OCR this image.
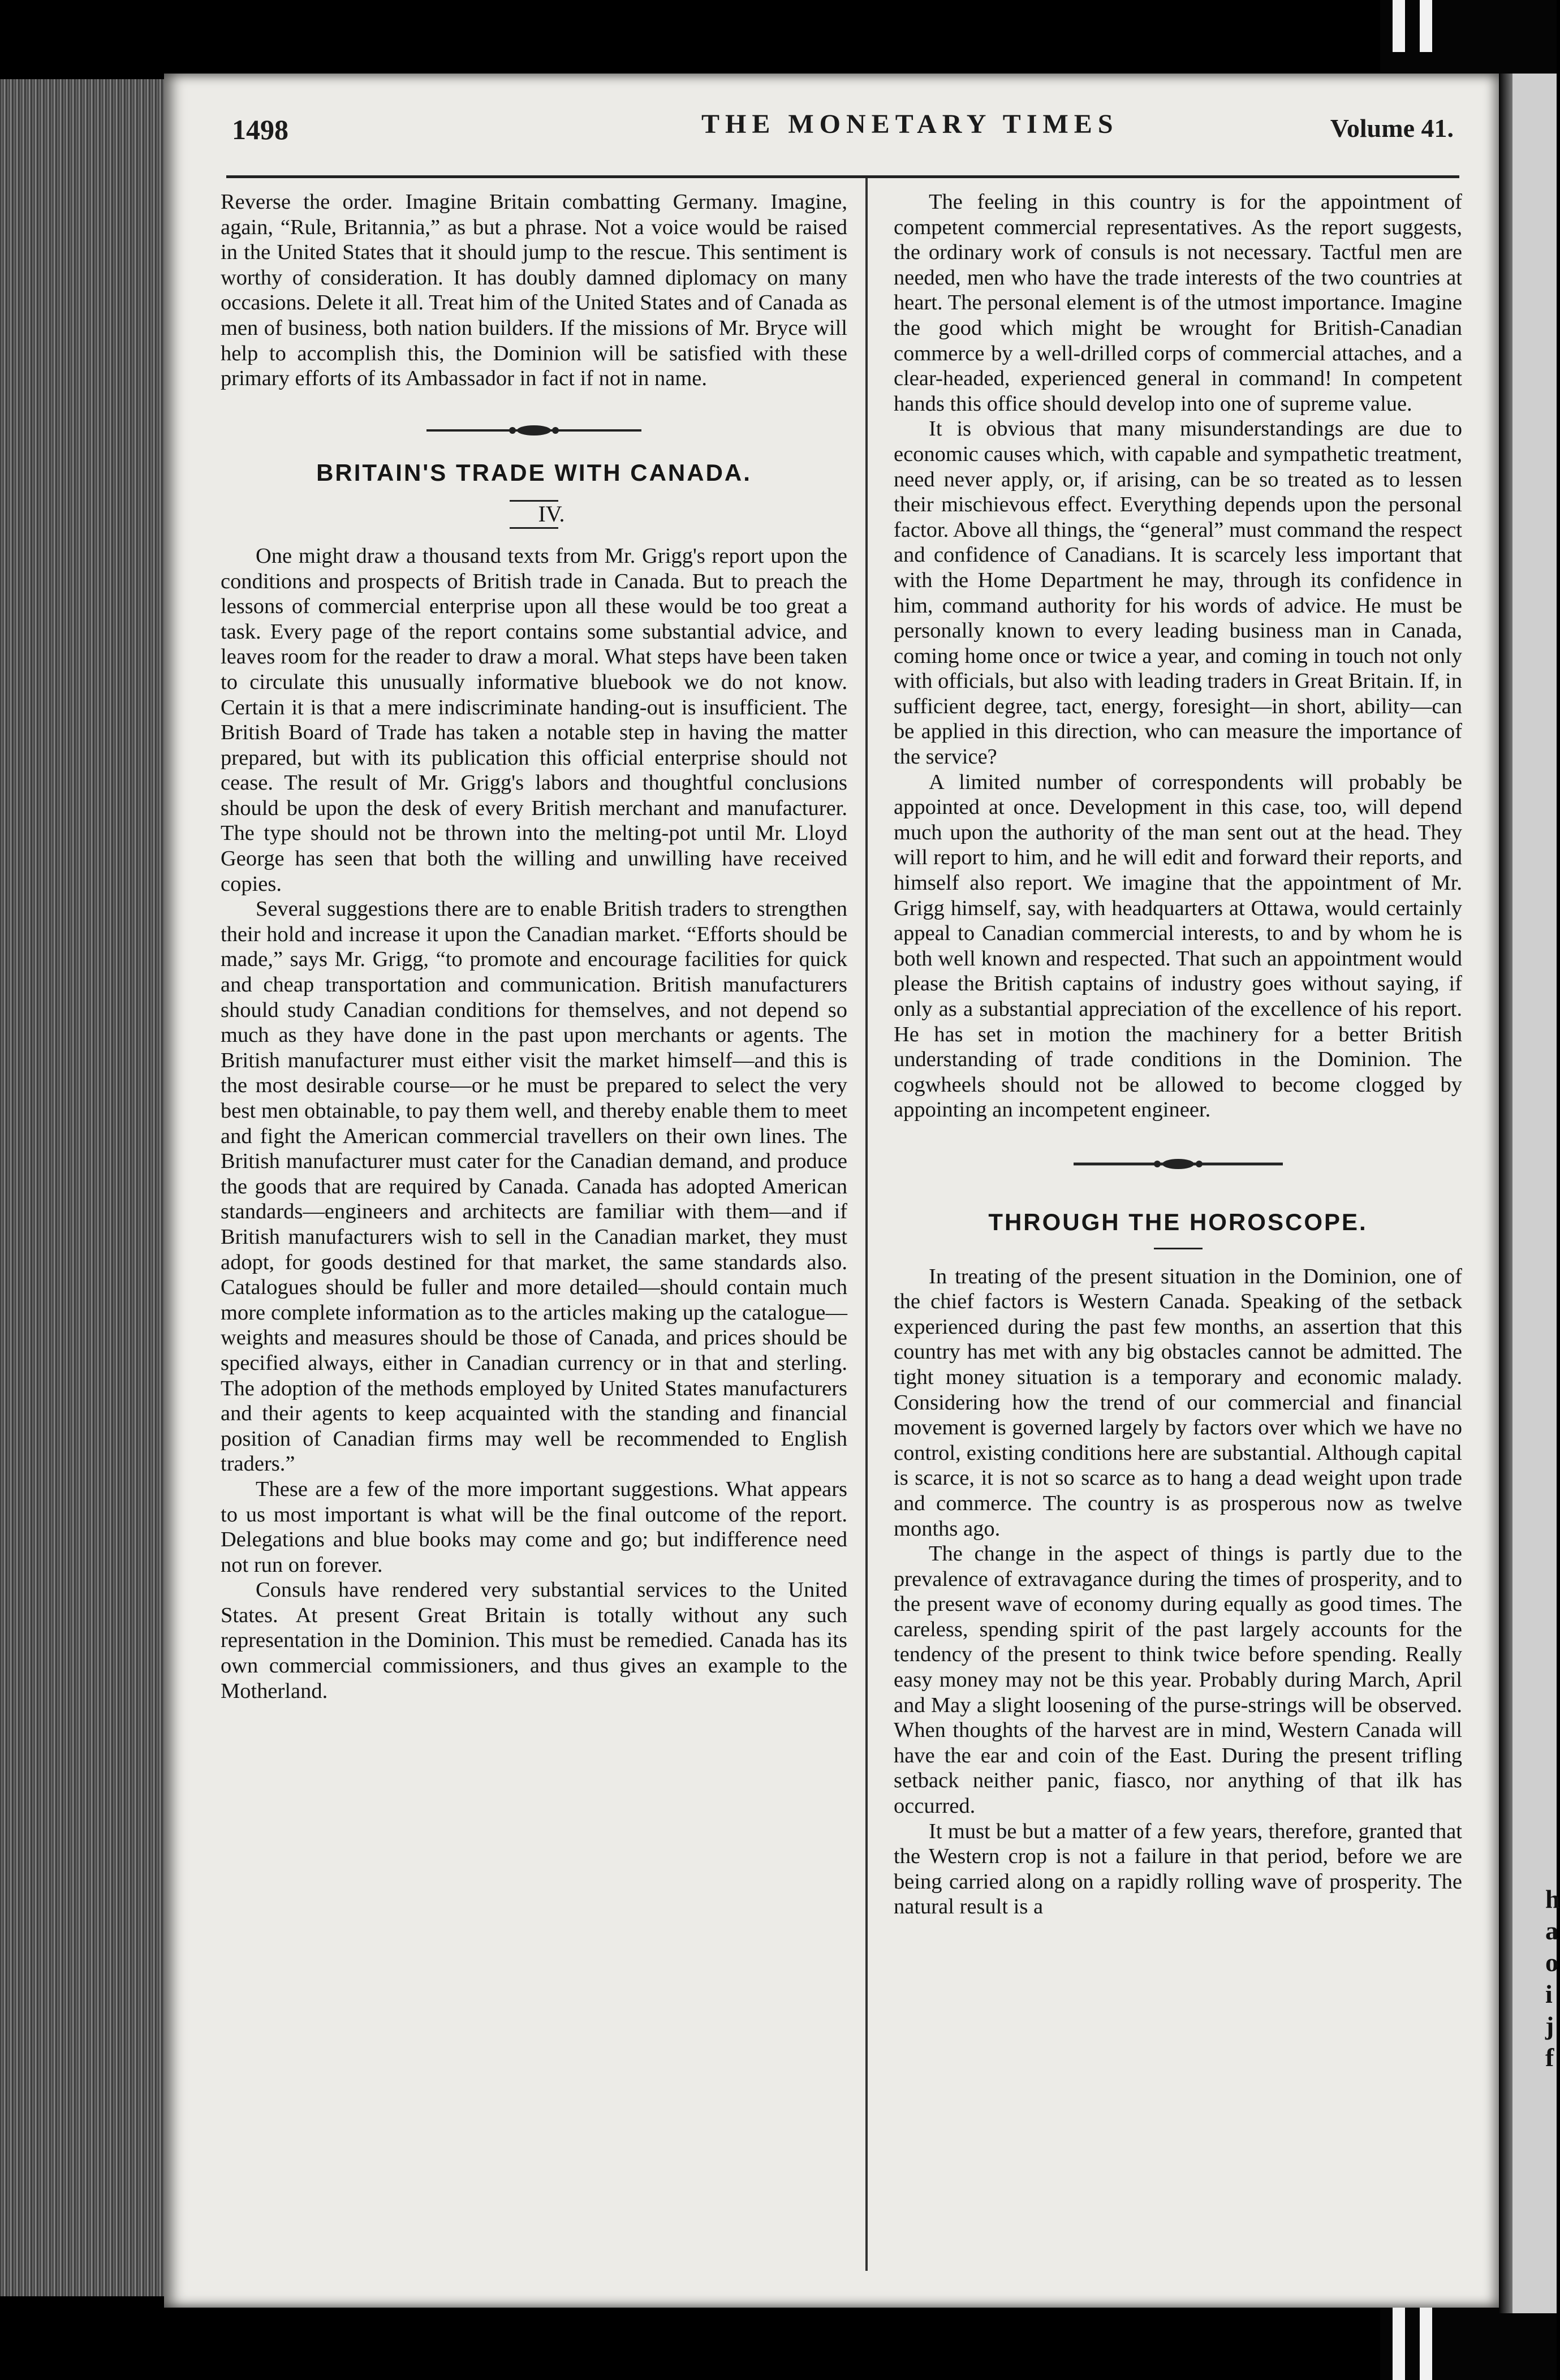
h
a
o
i
j
f
1498	THE MONETARY TIMES	Volume 41.

Reverse the order. Imagine Britain combatting Germany. Imagine, again, “Rule, Britannia,” as but a phrase. Not a voice would be raised in the United States that it should jump to the rescue. This sentiment is worthy of consideration. It has doubly damned diplomacy on many occasions. Delete it all. Treat him of the United States and of Canada as men of business, both nation builders. If the missions of Mr. Bryce will help to accomplish this, the Dominion will be satisfied with these primary efforts of its Ambassador in fact if not in name.

BRITAIN'S TRADE WITH CANADA.

IV.

One might draw a thousand texts from Mr. Grigg's report upon the conditions and prospects of British trade in Canada. But to preach the lessons of commercial enterprise upon all these would be too great a task. Every page of the report contains some substantial advice, and leaves room for the reader to draw a moral. What steps have been taken to circulate this unusually informative bluebook we do not know. Certain it is that a mere indiscriminate handing-out is insufficient. The British Board of Trade has taken a notable step in having the matter prepared, but with its publication this official enterprise should not cease. The result of Mr. Grigg's labors and thoughtful conclusions should be upon the desk of every British merchant and manufacturer. The type should not be thrown into the melting-pot until Mr. Lloyd George has seen that both the willing and unwilling have received copies.

Several suggestions there are to enable British traders to strengthen their hold and increase it upon the Canadian market. “Efforts should be made,” says Mr. Grigg, “to promote and encourage facilities for quick and cheap transportation and communication. British manufacturers should study Canadian conditions for themselves, and not depend so much as they have done in the past upon merchants or agents. The British manufacturer must either visit the market himself—and this is the most desirable course—or he must be prepared to select the very best men obtainable, to pay them well, and thereby enable them to meet and fight the American commercial travellers on their own lines. The British manufacturer must cater for the Canadian demand, and produce the goods that are required by Canada. Canada has adopted American standards—engineers and architects are familiar with them—and if British manufacturers wish to sell in the Canadian market, they must adopt, for goods destined for that market, the same standards also. Catalogues should be fuller and more detailed—should contain much more complete information as to the articles making up the catalogue—weights and measures should be those of Canada, and prices should be specified always, either in Canadian currency or in that and sterling. The adoption of the methods employed by United States manufacturers and their agents to keep acquainted with the standing and financial position of Canadian firms may well be recommended to English traders.”

These are a few of the more important suggestions. What appears to us most important is what will be the final outcome of the report. Delegations and blue books may come and go; but indifference need not run on forever.

Consuls have rendered very substantial services to the United States. At present Great Britain is totally without any such representation in the Dominion. This must be remedied. Canada has its own commercial commissioners, and thus gives an example to the Motherland.

The feeling in this country is for the appointment of competent commercial representatives. As the report suggests, the ordinary work of consuls is not necessary. Tactful men are needed, men who have the trade interests of the two countries at heart. The personal element is of the utmost importance. Imagine the good which might be wrought for British-Canadian commerce by a well-drilled corps of commercial attaches, and a clear-headed, experienced general in command! In competent hands this office should develop into one of supreme value.

It is obvious that many misunderstandings are due to economic causes which, with capable and sympathetic treatment, need never apply, or, if arising, can be so treated as to lessen their mischievous effect. Everything depends upon the personal factor. Above all things, the “general” must command the respect and confidence of Canadians. It is scarcely less important that with the Home Department he may, through its confidence in him, command authority for his words of advice. He must be personally known to every leading business man in Canada, coming home once or twice a year, and coming in touch not only with officials, but also with leading traders in Great Britain. If, in sufficient degree, tact, energy, foresight—in short, ability—can be applied in this direction, who can measure the importance of the service?

A limited number of correspondents will probably be appointed at once. Development in this case, too, will depend much upon the authority of the man sent out at the head. They will report to him, and he will edit and forward their reports, and himself also report. We imagine that the appointment of Mr. Grigg himself, say, with headquarters at Ottawa, would certainly appeal to Canadian commercial interests, to and by whom he is both well known and respected. That such an appointment would please the British captains of industry goes without saying, if only as a substantial appreciation of the excellence of his report. He has set in motion the machinery for a better British understanding of trade conditions in the Dominion. The cogwheels should not be allowed to become clogged by appointing an incompetent engineer.

THROUGH THE HOROSCOPE.

In treating of the present situation in the Dominion, one of the chief factors is Western Canada. Speaking of the setback experienced during the past few months, an assertion that this country has met with any big obstacles cannot be admitted. The tight money situation is a temporary and economic malady. Considering how the trend of our commercial and financial movement is governed largely by factors over which we have no control, existing conditions here are substantial. Although capital is scarce, it is not so scarce as to hang a dead weight upon trade and commerce. The country is as prosperous now as twelve months ago.

The change in the aspect of things is partly due to the prevalence of extravagance during the times of prosperity, and to the present wave of economy during equally as good times. The careless, spending spirit of the past largely accounts for the tendency of the present to think twice before spending. Really easy money may not be this year. Probably during March, April and May a slight loosening of the purse-strings will be observed. When thoughts of the harvest are in mind, Western Canada will have the ear and coin of the East. During the present trifling setback neither panic, fiasco, nor anything of that ilk has occurred.

It must be but a matter of a few years, therefore, granted that the Western crop is not a failure in that period, before we are being carried along on a rapidly rolling wave of prosperity. The natural result is a
